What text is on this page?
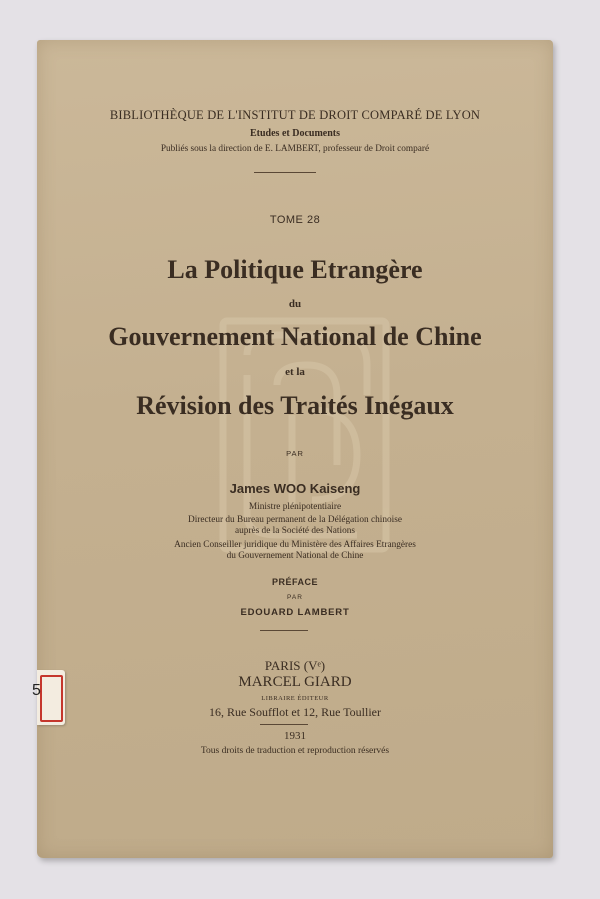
BIBLIOTHÈQUE DE L'INSTITUT DE DROIT COMPARÉ DE LYON
Etudes et Documents
Publiés sous la direction de E. LAMBERT, professeur de Droit comparé
TOME 28
La Politique Etrangère
du
Gouvernement National de Chine
et la
Révision des Traités Inégaux
PAR
James WOO Kaiseng
Ministre plénipotentiaire
Directeur du Bureau permanent de la Délégation chinoise
auprès de la Société des Nations
Ancien Conseiller juridique du Ministère des Affaires Etrangères
du Gouvernement National de Chine
PRÉFACE
PAR
EDOUARD LAMBERT
PARIS (Vᵉ)
MARCEL GIARD
LIBRAIRE ÉDITEUR
16, Rue Soufflot et 12, Rue Toullier
1931
Tous droits de traduction et reproduction réservés
5
